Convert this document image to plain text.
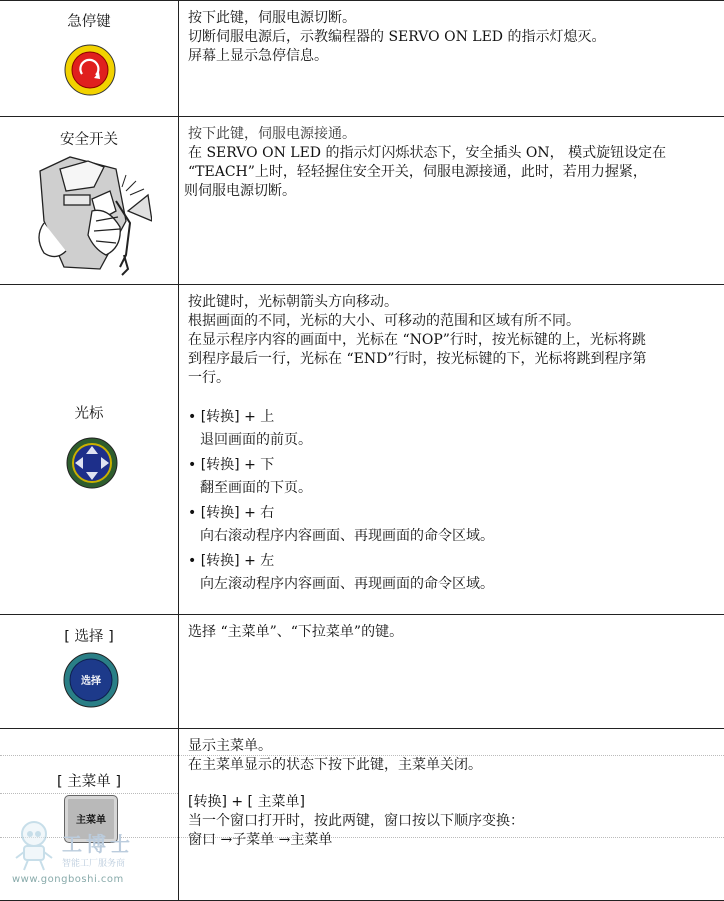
急停键	按下此键，伺服电源切断。

切断伺服电源后，示教编程器的 SERVO ON LED 的指示灯熄灭。

屏幕上显示急停信息。

安全开关	按下此键，伺服电源接通。

在 SERVO ON LED 的指示灯闪烁状态下，安全插头 ON， 模式旋钮设定在

“TEACH”上时，轻轻握住安全开关，伺服电源接通，此时，若用力握紧，

则伺服电源切断。

光标

按此键时，光标朝箭头方向移动。

根据画面的不同，光标的大小、可移动的范围和区域有所不同。

在显示程序内容的画面中，光标在 “NOP”行时，按光标键的上，光标将跳

到程序最后一行，光标在 “END”行时，按光标键的下，光标将跳到程序第

一行。

• [转换] + 上
退回画面的前页。
• [转换] + 下
翻至画面的下页。
• [转换] + 右
向右滚动程序内容画面、再现画面的命令区域。
• [转换] + 左
向左滚动程序内容画面、再现画面的命令区域。
[ 选择 ]
选择

选择 “主菜单”、“下拉菜单”的键。

[ 主菜单 ]
主菜单

显示主菜单。

在主菜单显示的状态下按下此键，主菜单关闭。

[转换] + [ 主菜单]

当一个窗口打开时，按此两键，窗口按以下顺序变换：

窗口 →子菜单 →主菜单

工博士
智能工厂服务商
www.gongboshi.com
